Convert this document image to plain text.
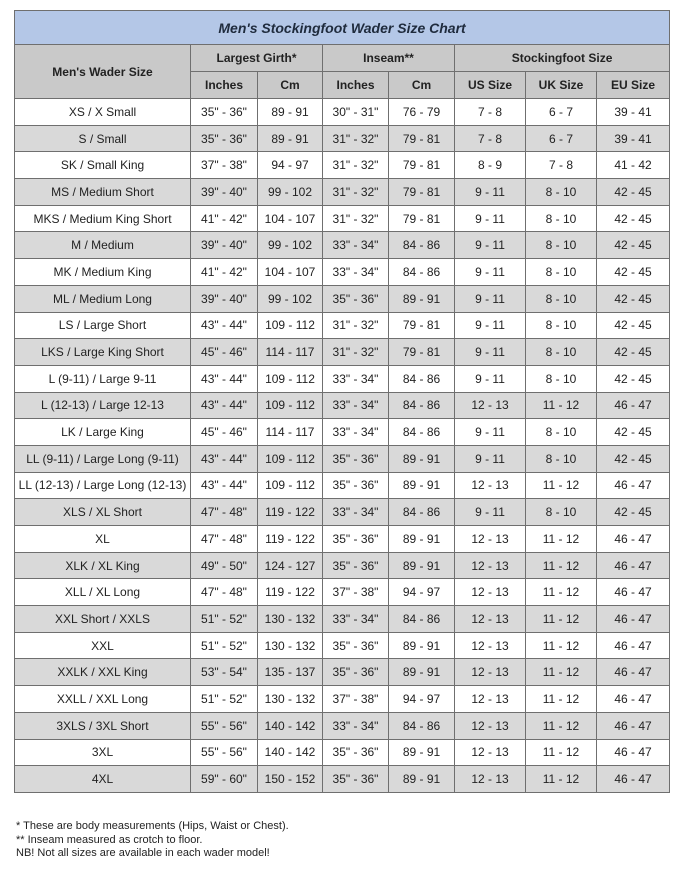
Men's Stockingfoot Wader Size Chart							
Men's Wader Size	Largest Girth*		Inseam**		Stockingfoot Size		
	Inches	Cm	Inches	Cm	US Size	UK Size	EU Size
XS / X Small	35" - 36"	89 - 91	30" - 31"	76 - 79	7 - 8	6 - 7	39 - 41
S / Small	35" - 36"	89 - 91	31" - 32"	79 - 81	7 - 8	6 - 7	39 - 41
SK / Small King	37" - 38"	94 - 97	31" - 32"	79 - 81	8 - 9	7 - 8	41 - 42
MS / Medium Short	39" - 40"	99 - 102	31" - 32"	79 - 81	9 - 11	8 - 10	42 - 45
MKS / Medium King Short	41" - 42"	104 - 107	31" - 32"	79 - 81	9 - 11	8 - 10	42 - 45
M / Medium	39" - 40"	99 - 102	33" - 34"	84 - 86	9 - 11	8 - 10	42 - 45
MK / Medium King	41" - 42"	104 - 107	33" - 34"	84 - 86	9 - 11	8 - 10	42 - 45
ML / Medium Long	39" - 40"	99 - 102	35" - 36"	89 - 91	9 - 11	8 - 10	42 - 45
LS / Large Short	43" - 44"	109 - 112	31" - 32"	79 - 81	9 - 11	8 - 10	42 - 45
LKS / Large King Short	45" - 46"	114 - 117	31" - 32"	79 - 81	9 - 11	8 - 10	42 - 45
L (9-11) / Large 9-11	43" - 44"	109 - 112	33" - 34"	84 - 86	9 - 11	8 - 10	42 - 45
L (12-13) / Large 12-13	43" - 44"	109 - 112	33" - 34"	84 - 86	12 - 13	11 - 12	46 - 47
LK / Large King	45" - 46"	114 - 117	33" - 34"	84 - 86	9 - 11	8 - 10	42 - 45
LL (9-11) / Large Long (9-11)	43" - 44"	109 - 112	35" - 36"	89 - 91	9 - 11	8 - 10	42 - 45
LL (12-13) / Large Long (12-13)	43" - 44"	109 - 112	35" - 36"	89 - 91	12 - 13	11 - 12	46 - 47
XLS / XL Short	47" - 48"	119 - 122	33" - 34"	84 - 86	9 - 11	8 - 10	42 - 45
XL	47" - 48"	119 - 122	35" - 36"	89 - 91	12 - 13	11 - 12	46 - 47
XLK / XL King	49" - 50"	124 - 127	35" - 36"	89 - 91	12 - 13	11 - 12	46 - 47
XLL / XL Long	47" - 48"	119 - 122	37" - 38"	94 - 97	12 - 13	11 - 12	46 - 47
XXL Short / XXLS	51" - 52"	130 - 132	33" - 34"	84 - 86	12 - 13	11 - 12	46 - 47
XXL	51" - 52"	130 - 132	35" - 36"	89 - 91	12 - 13	11 - 12	46 - 47
XXLK / XXL King	53" - 54"	135 - 137	35" - 36"	89 - 91	12 - 13	11 - 12	46 - 47
XXLL / XXL Long	51" - 52"	130 - 132	37" - 38"	94 - 97	12 - 13	11 - 12	46 - 47
3XLS / 3XL Short	55" - 56"	140 - 142	33" - 34"	84 - 86	12 - 13	11 - 12	46 - 47
3XL	55" - 56"	140 - 142	35" - 36"	89 - 91	12 - 13	11 - 12	46 - 47
4XL	59" - 60"	150 - 152	35" - 36"	89 - 91	12 - 13	11 - 12	46 - 47
* These are body measurements (Hips, Waist or Chest).
** Inseam measured as crotch to floor.
NB! Not all sizes are available in each wader model!
